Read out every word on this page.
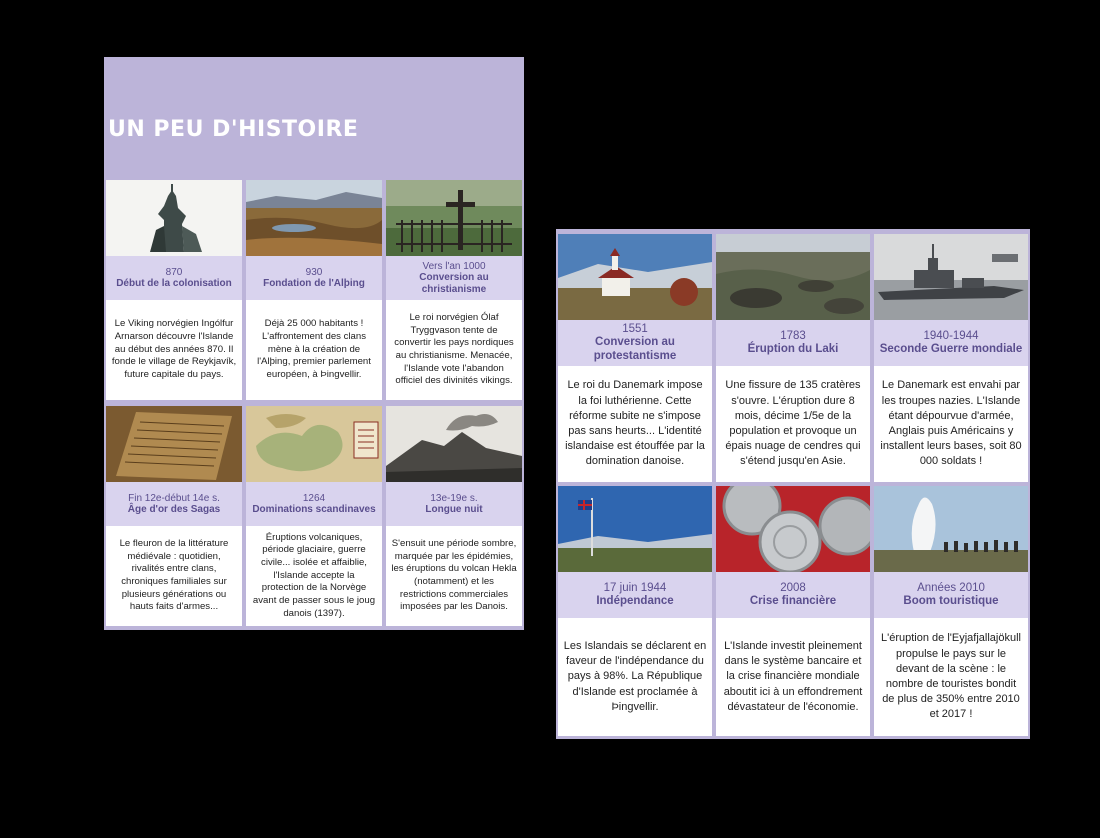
UN PEU D'HISTOIRE
870
Début de la colonisation
Le Viking norvégien Ingólfur Arnarson découvre l'Islande au début des années 870. Il fonde le village de Reykjavík, future capitale du pays.
930
Fondation de l'Alþing
Déjà 25 000 habitants ! L'affrontement des clans mène à la création de l'Alþing, premier parlement européen, à Þingvellir.
Vers l'an 1000
Conversion au christianisme
Le roi norvégien Ólaf Tryggvason tente de convertir les pays nordiques au christianisme. Menacée, l'Islande vote l'abandon officiel des divinités vikings.
Fin 12e-début 14e s.
Âge d'or des Sagas
Le fleuron de la littérature médiévale : quotidien, rivalités entre clans, chroniques familiales sur plusieurs générations ou hauts faits d'armes...
1264
Dominations scandinaves
Éruptions volcaniques, période glaciaire, guerre civile... isolée et affaiblie, l'Islande accepte la protection de la Norvège avant de passer sous le joug danois (1397).
13e-19e s.
Longue nuit
S'ensuit une période sombre, marquée par les épidémies, les éruptions du volcan Hekla (notamment) et les restrictions commerciales imposées par les Danois.
1551
Conversion au protestantisme
Le roi du Danemark impose la foi luthérienne. Cette réforme subite ne s'impose pas sans heurts... L'identité islandaise est étouffée par la domination danoise.
1783
Éruption du Laki
Une fissure de 135 cratères s'ouvre. L'éruption dure 8 mois, décime 1/5e de la population et provoque un épais nuage de cendres qui s'étend jusqu'en Asie.
1940-1944
Seconde Guerre mondiale
Le Danemark est envahi par les troupes nazies. L'Islande étant dépourvue d'armée, Anglais puis Américains y installent leurs bases, soit 80 000 soldats !
17 juin 1944
Indépendance
Les Islandais se déclarent en faveur de l'indépendance du pays à 98%. La République d'Islande est proclamée à Þingvellir.
2008
Crise financière
L'Islande investit pleinement dans le système bancaire et la crise financière mondiale aboutit ici à un effondrement dévastateur de l'économie.
Années 2010
Boom touristique
L'éruption de l'Eyjafjallajökull propulse le pays sur le devant de la scène : le nombre de touristes bondit de plus de 350% entre 2010 et 2017 !
